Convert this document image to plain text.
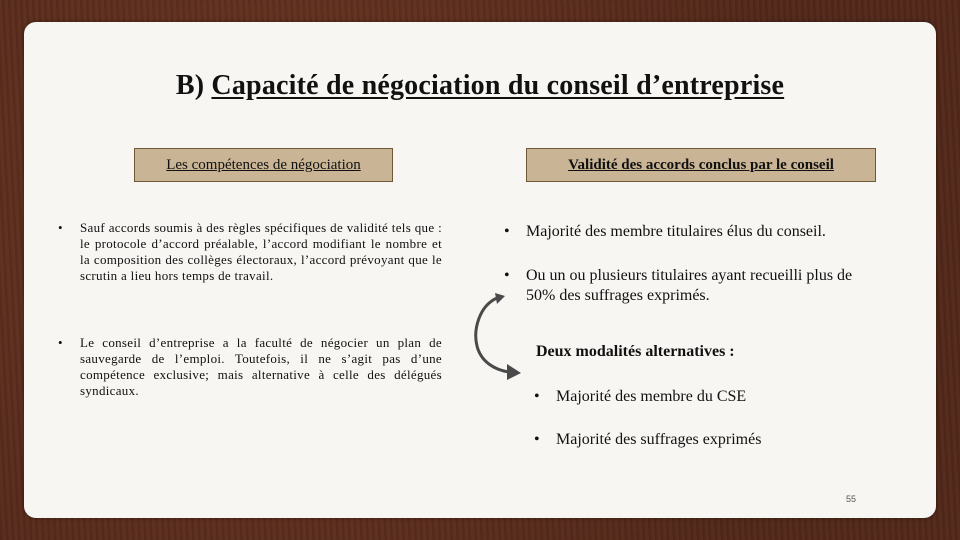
B) Capacité de négociation du conseil d’entreprise
Les compétences de négociation	Validité des accords conclus par le conseil
•	Sauf accords soumis à des règles spécifiques de validité tels que : le protocole d’accord préalable, l’accord modifiant le nombre et la composition des collèges électoraux, l’accord prévoyant que le scrutin a lieu hors temps de travail.
•	Le conseil d’entreprise a la faculté de négocier un plan de sauvegarde de l’emploi. Toutefois, il ne s’agit pas d’une compétence exclusive; mais alternative à celle des délégués syndicaux.
•	Majorité des membre titulaires élus du conseil.
•	Ou un ou plusieurs titulaires ayant recueilli plus de 50% des suffrages exprimés.
Deux modalités alternatives :
•	Majorité des membre du CSE
•	Majorité des suffrages exprimés
55
